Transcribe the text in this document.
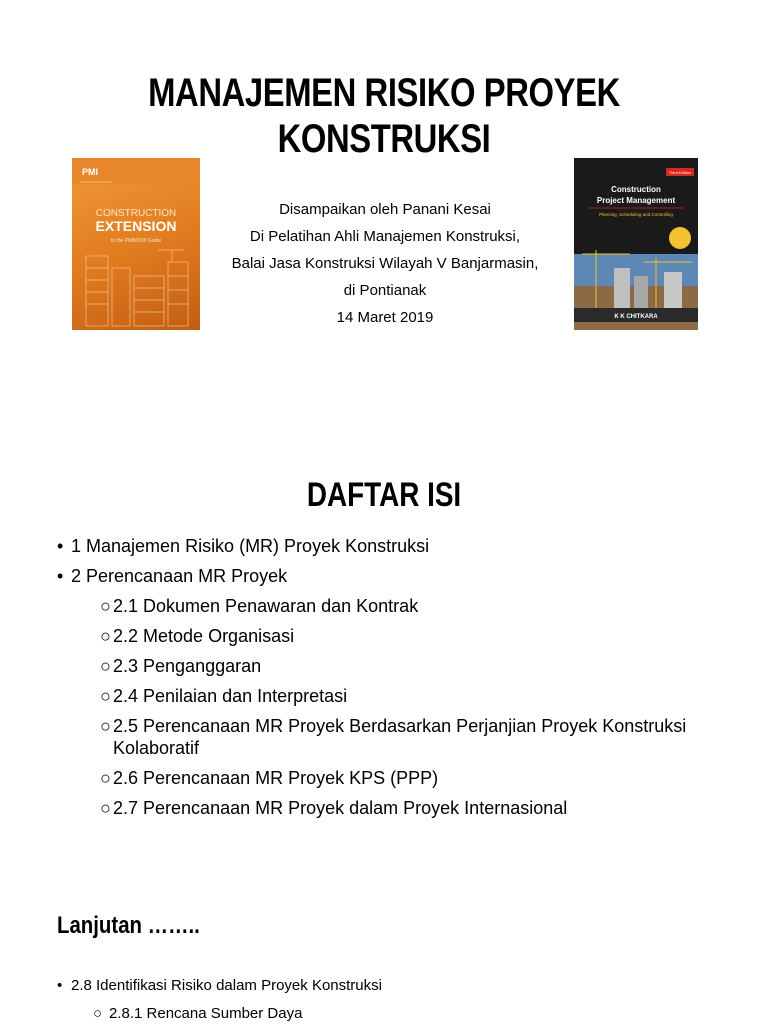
MANAJEMEN RISIKO PROYEK
KONSTRUKSI
PMI
CONSTRUCTION
EXTENSION
to the PMBOK® Guide
Disampaikan oleh Panani Kesai
Di Pelatihan Ahli Manajemen Konstruksi,
Balai Jasa Konstruksi Wilayah V Banjarmasin,
di Pontianak
14 Maret 2019
Third Edition
Construction
Project Management
Planning, Scheduling and Controlling
K K CHITKARA
DAFTAR ISI
• 1 Manajemen Risiko (MR) Proyek Konstruksi
• 2 Perencanaan MR Proyek
○ 2.1 Dokumen Penawaran dan Kontrak
○ 2.2 Metode Organisasi
○ 2.3 Penganggaran
○ 2.4 Penilaian dan Interpretasi
○ 2.5 Perencanaan MR Proyek Berdasarkan Perjanjian Proyek Konstruksi Kolaboratif
○ 2.6 Perencanaan MR Proyek KPS (PPP)
○ 2.7 Perencanaan MR Proyek dalam Proyek Internasional
Lanjutan ……..
• 2.8 Identifikasi Risiko dalam Proyek Konstruksi
○ 2.8.1 Rencana Sumber Daya
